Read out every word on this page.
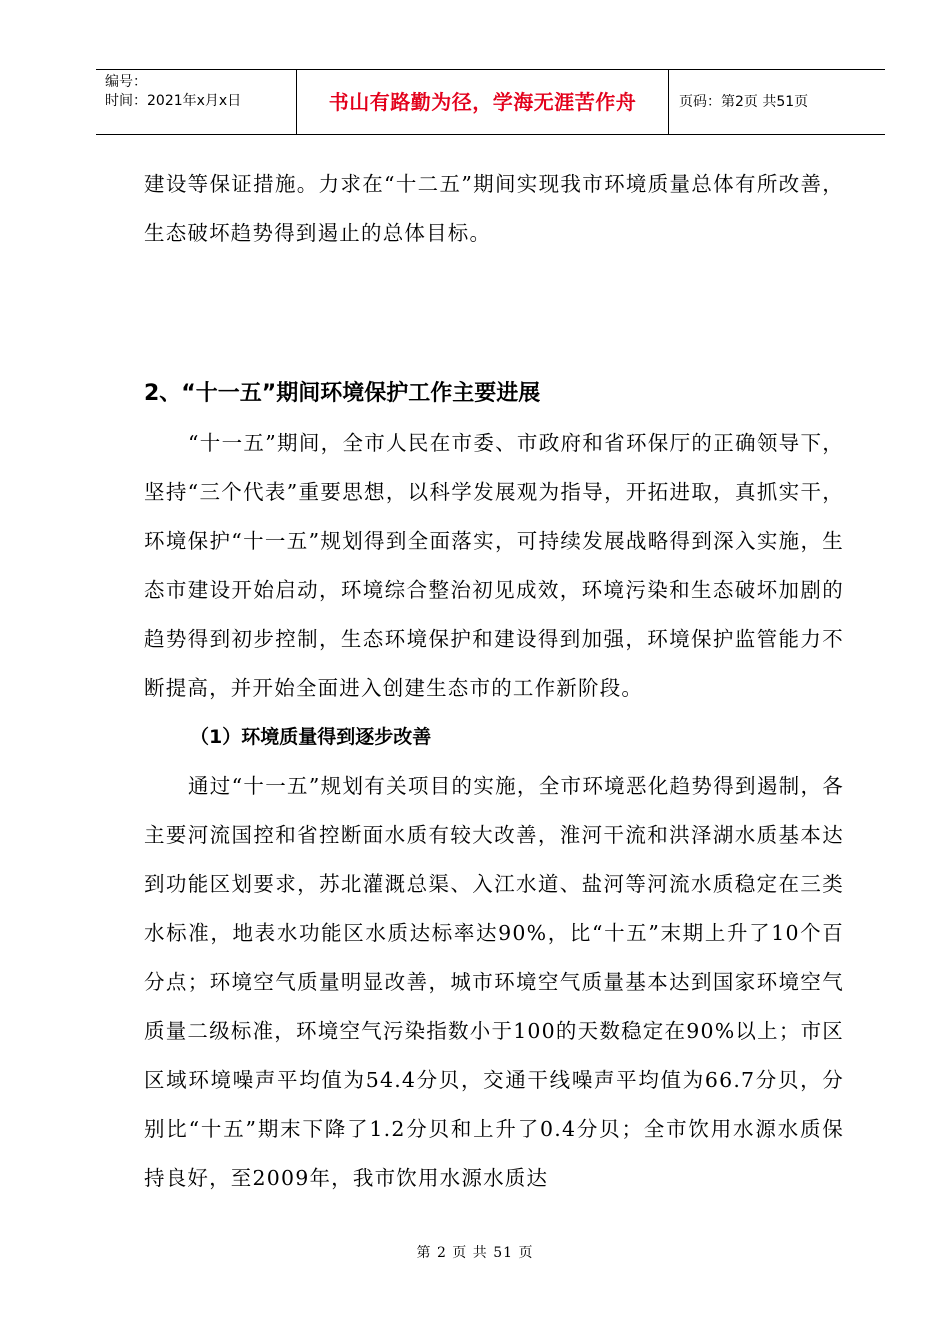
编号：
时间：2021年x月x日	书山有路勤为径，学海无涯苦作舟	页码：第2页 共51页

建设等保证措施。力求在“十二五”期间实现我市环境质量总体有所改善，生态破坏趋势得到遏止的总体目标。

2、“十一五”期间环境保护工作主要进展

“十一五”期间，全市人民在市委、市政府和省环保厅的正确领导下，坚持“三个代表”重要思想，以科学发展观为指导，开拓进取，真抓实干，环境保护“十一五”规划得到全面落实，可持续发展战略得到深入实施，生态市建设开始启动，环境综合整治初见成效，环境污染和生态破坏加剧的趋势得到初步控制，生态环境保护和建设得到加强，环境保护监管能力不断提高，并开始全面进入创建生态市的工作新阶段。

（1）环境质量得到逐步改善

通过“十一五”规划有关项目的实施，全市环境恶化趋势得到遏制，各主要河流国控和省控断面水质有较大改善，淮河干流和洪泽湖水质基本达到功能区划要求，苏北灌溉总渠、入江水道、盐河等河流水质稳定在三类水标准，地表水功能区水质达标率达90%，比“十五”末期上升了10个百分点；环境空气质量明显改善，城市环境空气质量基本达到国家环境空气质量二级标准，环境空气污染指数小于100的天数稳定在90%以上；市区区域环境噪声平均值为54.4分贝，交通干线噪声平均值为66.7分贝，分别比“十五”期末下降了1.2分贝和上升了0.4分贝；全市饮用水源水质保持良好，至2009年，我市饮用水源水质达

第 2 页 共 51 页
